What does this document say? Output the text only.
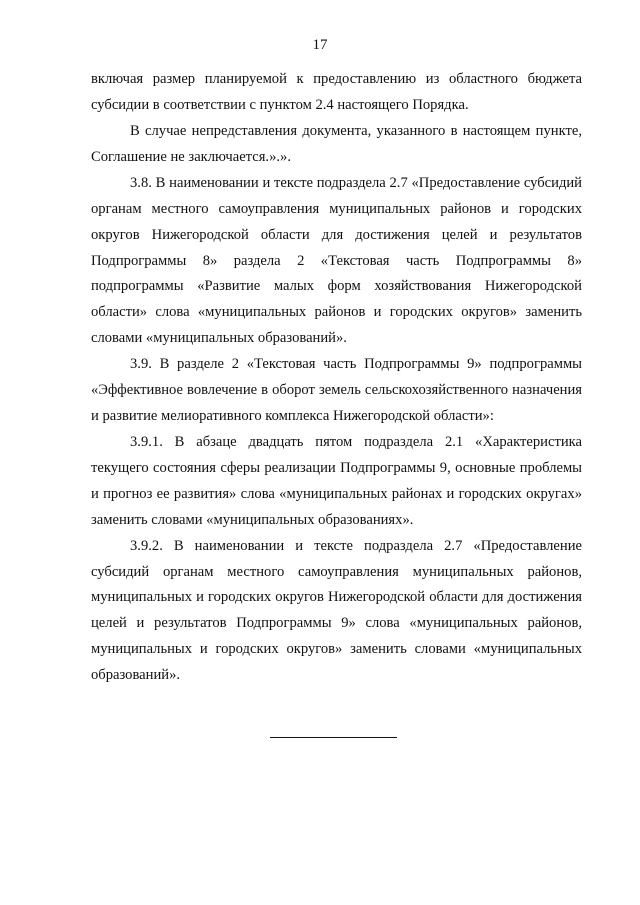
17

включая размер планируемой к предоставлению из областного бюджета субсидии в соответствии с пунктом 2.4 настоящего Порядка.

В случае непредставления документа, указанного в настоящем пункте, Соглашение не заключается.».».

3.8. В наименовании и тексте подраздела 2.7 «Предоставление субсидий органам местного самоуправления муниципальных районов и городских округов Нижегородской области для достижения целей и результатов Подпрограммы 8» раздела 2 «Текстовая часть Подпрограммы 8» подпрограммы «Развитие малых форм хозяйствования Нижегородской области» слова «муниципальных районов и городских округов» заменить словами «муниципальных образований».

3.9. В разделе 2 «Текстовая часть Подпрограммы 9» подпрограммы «Эффективное вовлечение в оборот земель сельскохозяйственного назначения и развитие мелиоративного комплекса Нижегородской области»:

3.9.1. В абзаце двадцать пятом подраздела 2.1 «Характеристика текущего состояния сферы реализации Подпрограммы 9, основные проблемы и прогноз ее развития» слова «муниципальных районах и городских округах» заменить словами «муниципальных образованиях».

3.9.2. В наименовании и тексте подраздела 2.7 «Предоставление субсидий органам местного самоуправления муниципальных районов, муниципальных и городских округов Нижегородской области для достижения целей и результатов Подпрограммы 9» слова «муниципальных районов, муниципальных и городских округов» заменить словами «муниципальных образований».
